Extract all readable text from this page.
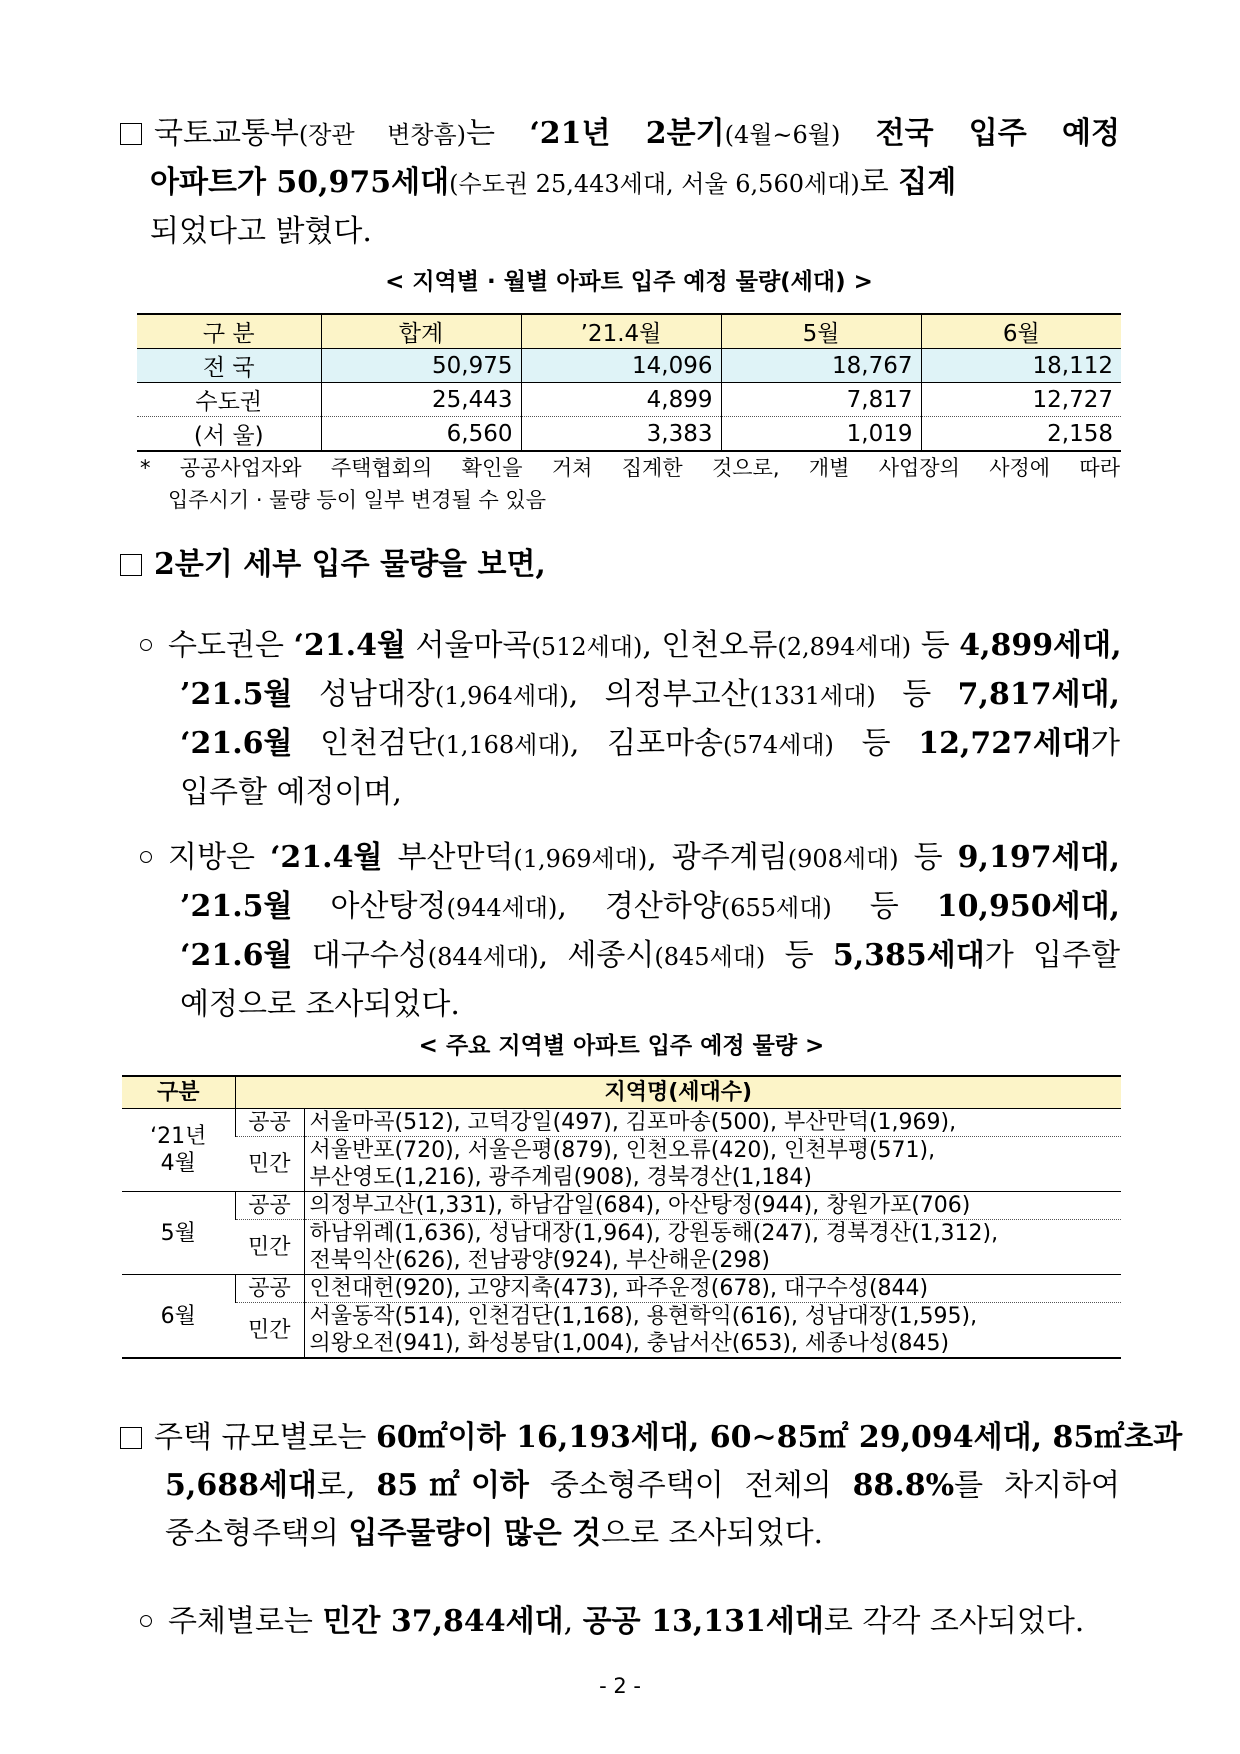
국토교통부(장관 변창흠)는 ‘21년 2분기(4월~6월) 전국 입주 예정
아파트가 50,975세대(수도권 25,443세대, 서울 6,560세대)로 집계
되었다고 밝혔다.
< 지역별 · 월별 아파트 입주 예정 물량(세대) >
구 분	합계	’21.4월	5월	6월
전 국	50,975	14,096	18,767	18,112
수도권	25,443	4,899	7,817	12,727
(서 울)	6,560	3,383	1,019	2,158
* 공공사업자와 주택협회의 확인을 거쳐 집계한 것으로, 개별 사업장의 사정에 따라
입주시기 · 물량 등이 일부 변경될 수 있음
2분기 세부 입주 물량을 보면,
수도권은 ‘21.4월 서울마곡(512세대), 인천오류(2,894세대) 등 4,899세대,
’21.5월 성남대장(1,964세대), 의정부고산(1331세대) 등 7,817세대,
‘21.6월 인천검단(1,168세대), 김포마송(574세대) 등 12,727세대가
입주할 예정이며,
지방은 ‘21.4월 부산만덕(1,969세대), 광주계림(908세대) 등 9,197세대,
’21.5월 아산탕정(944세대), 경산하양(655세대) 등 10,950세대,
‘21.6월 대구수성(844세대), 세종시(845세대) 등 5,385세대가 입주할
예정으로 조사되었다.
< 주요 지역별 아파트 입주 예정 물량 >
구분	지역명(세대수)	

‘21년
4월	공공	서울마곡(512), 고덕강일(497), 김포마송(500), 부산만덕(1,969),

	민간	서울반포(720), 서울은평(879), 인천오류(420), 인천부평(571),
부산영도(1,216), 광주계림(908), 경북경산(1,184)

5월	공공	의정부고산(1,331), 하남감일(684), 아산탕정(944), 창원가포(706)

	민간	하남위례(1,636), 성남대장(1,964), 강원동해(247), 경북경산(1,312),
전북익산(626), 전남광양(924), 부산해운(298)

6월	공공	인천대헌(920), 고양지축(473), 파주운정(678), 대구수성(844)

	민간	서울동작(514), 인천검단(1,168), 용현학익(616), 성남대장(1,595),
의왕오전(941), 화성봉담(1,004), 충남서산(653), 세종나성(845)
주택 규모별로는 60㎡이하 16,193세대, 60∼85㎡ 29,094세대, 85㎡초과
5,688세대로, 85㎡이하 중소형주택이 전체의 88.8%를 차지하여
중소형주택의 입주물량이 많은 것으로 조사되었다.
주체별로는 민간 37,844세대, 공공 13,131세대로 각각 조사되었다.
- 2 -
